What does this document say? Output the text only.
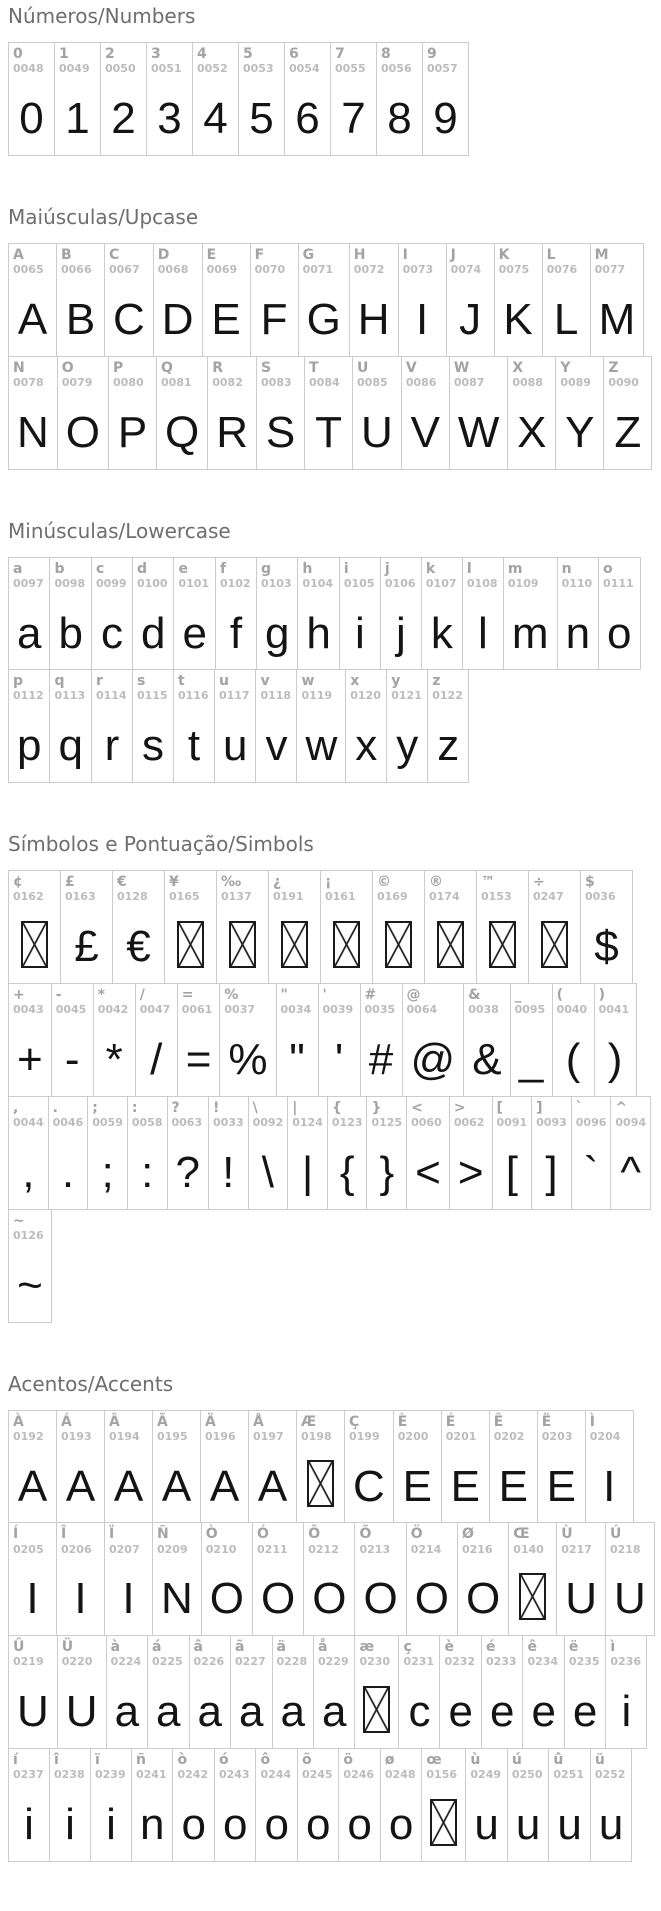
Números/Numbers
0
0048
0
1
0049
1
2
0050
2
3
0051
3
4
0052
4
5
0053
5
6
0054
6
7
0055
7
8
0056
8
9
0057
9
Maiúsculas/Upcase
A
0065
A
B
0066
B
C
0067
C
D
0068
D
E
0069
E
F
0070
F
G
0071
G
H
0072
H
I
0073
I
J
0074
J
K
0075
K
L
0076
L
M
0077
M
N
0078
N
O
0079
O
P
0080
P
Q
0081
Q
R
0082
R
S
0083
S
T
0084
T
U
0085
U
V
0086
V
W
0087
W
X
0088
X
Y
0089
Y
Z
0090
Z
Minúsculas/Lowercase
a
0097
a
b
0098
b
c
0099
c
d
0100
d
e
0101
e
f
0102
f
g
0103
g
h
0104
h
i
0105
i
j
0106
j
k
0107
k
l
0108
l
m
0109
m
n
0110
n
o
0111
o
p
0112
p
q
0113
q
r
0114
r
s
0115
s
t
0116
t
u
0117
u
v
0118
v
w
0119
w
x
0120
x
y
0121
y
z
0122
z
Símbolos e Pontuação/Simbols
¢
0162
£
0163
£
€
0128
€
¥
0165
‰
0137
¿
0191
¡
0161
©
0169
®
0174
™
0153
÷
0247
$
0036
$
+
0043
+
-
0045
-
*
0042
*
/
0047
/
=
0061
=
%
0037
%
"
0034
"
'
0039
'
#
0035
#
@
0064
@
&
0038
&
_
0095
_
(
0040
(
)
0041
)
,
0044
,
.
0046
.
;
0059
;
:
0058
:
?
0063
?
!
0033
!
\
0092
\
|
0124
|
{
0123
{
}
0125
}
<
0060
<
>
0062
>
[
0091
[
]
0093
]
`
0096
`
^
0094
^
~
0126
~
Acentos/Accents
À
0192
A
Á
0193
A
Â
0194
A
Ã
0195
A
Ä
0196
A
Å
0197
A
Æ
0198
Ç
0199
C
È
0200
E
É
0201
E
Ê
0202
E
Ë
0203
E
Ì
0204
I
Í
0205
I
Î
0206
I
Ï
0207
I
Ñ
0209
N
Ò
0210
O
Ó
0211
O
Ô
0212
O
Õ
0213
O
Ö
0214
O
Ø
0216
O
Œ
0140
Ù
0217
U
Ú
0218
U
Û
0219
U
Ü
0220
U
à
0224
a
á
0225
a
â
0226
a
ã
0227
a
ä
0228
a
å
0229
a
æ
0230
ç
0231
c
è
0232
e
é
0233
e
ê
0234
e
ë
0235
e
ì
0236
i
í
0237
i
î
0238
i
ï
0239
i
ñ
0241
n
ò
0242
o
ó
0243
o
ô
0244
o
õ
0245
o
ö
0246
o
ø
0248
o
œ
0156
ù
0249
u
ú
0250
u
û
0251
u
ü
0252
u
